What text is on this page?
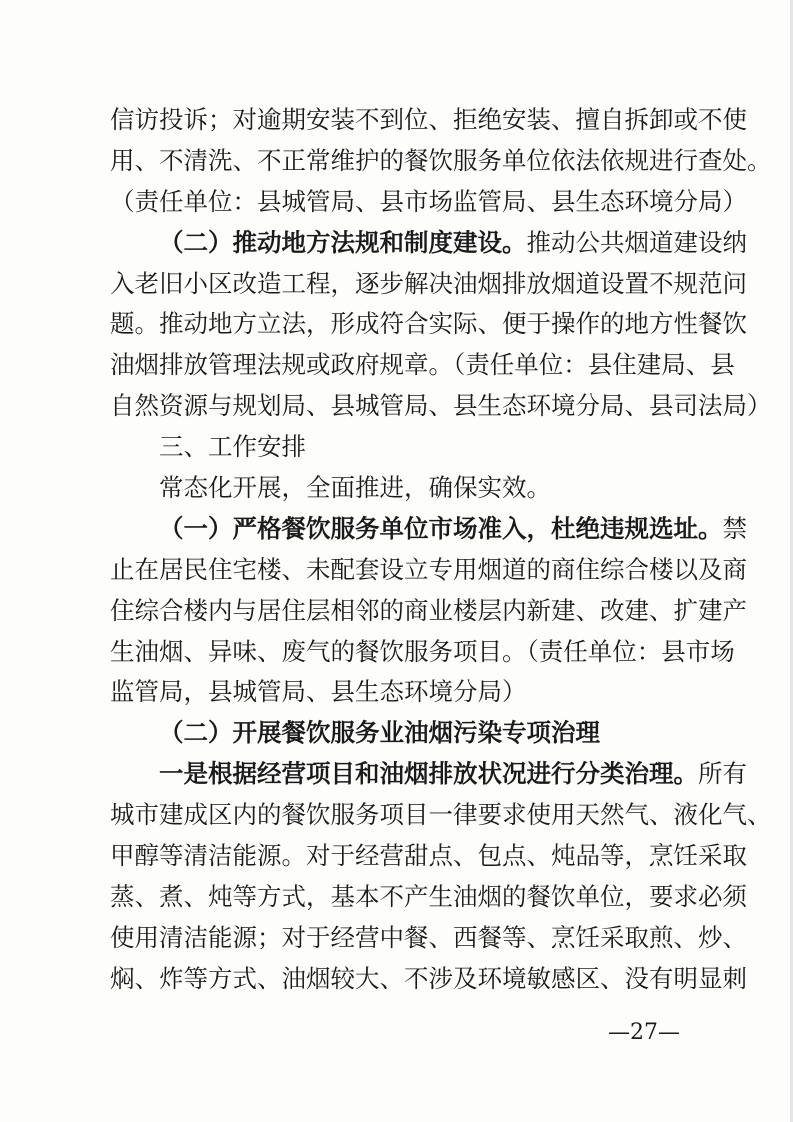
信访投诉；对逾期安装不到位、拒绝安装、擅自拆卸或不使
用、不清洗、不正常维护的餐饮服务单位依法依规进行查处。
（责任单位：县城管局、县市场监管局、县生态环境分局）
（二）推动地方法规和制度建设。推动公共烟道建设纳
入老旧小区改造工程，逐步解决油烟排放烟道设置不规范问
题。推动地方立法，形成符合实际、便于操作的地方性餐饮
油烟排放管理法规或政府规章。（责任单位：县住建局、县
自然资源与规划局、县城管局、县生态环境分局、县司法局）
三、工作安排
常态化开展，全面推进，确保实效。
（一）严格餐饮服务单位市场准入，杜绝违规选址。禁
止在居民住宅楼、未配套设立专用烟道的商住综合楼以及商
住综合楼内与居住层相邻的商业楼层内新建、改建、扩建产
生油烟、异味、废气的餐饮服务项目。（责任单位：县市场
监管局，县城管局、县生态环境分局）
（二）开展餐饮服务业油烟污染专项治理
一是根据经营项目和油烟排放状况进行分类治理。所有
城市建成区内的餐饮服务项目一律要求使用天然气、液化气、
甲醇等清洁能源。对于经营甜点、包点、炖品等，烹饪采取
蒸、煮、炖等方式，基本不产生油烟的餐饮单位，要求必须
使用清洁能源；对于经营中餐、西餐等、烹饪采取煎、炒、
焖、炸等方式、油烟较大、不涉及环境敏感区、没有明显刺
—27—
